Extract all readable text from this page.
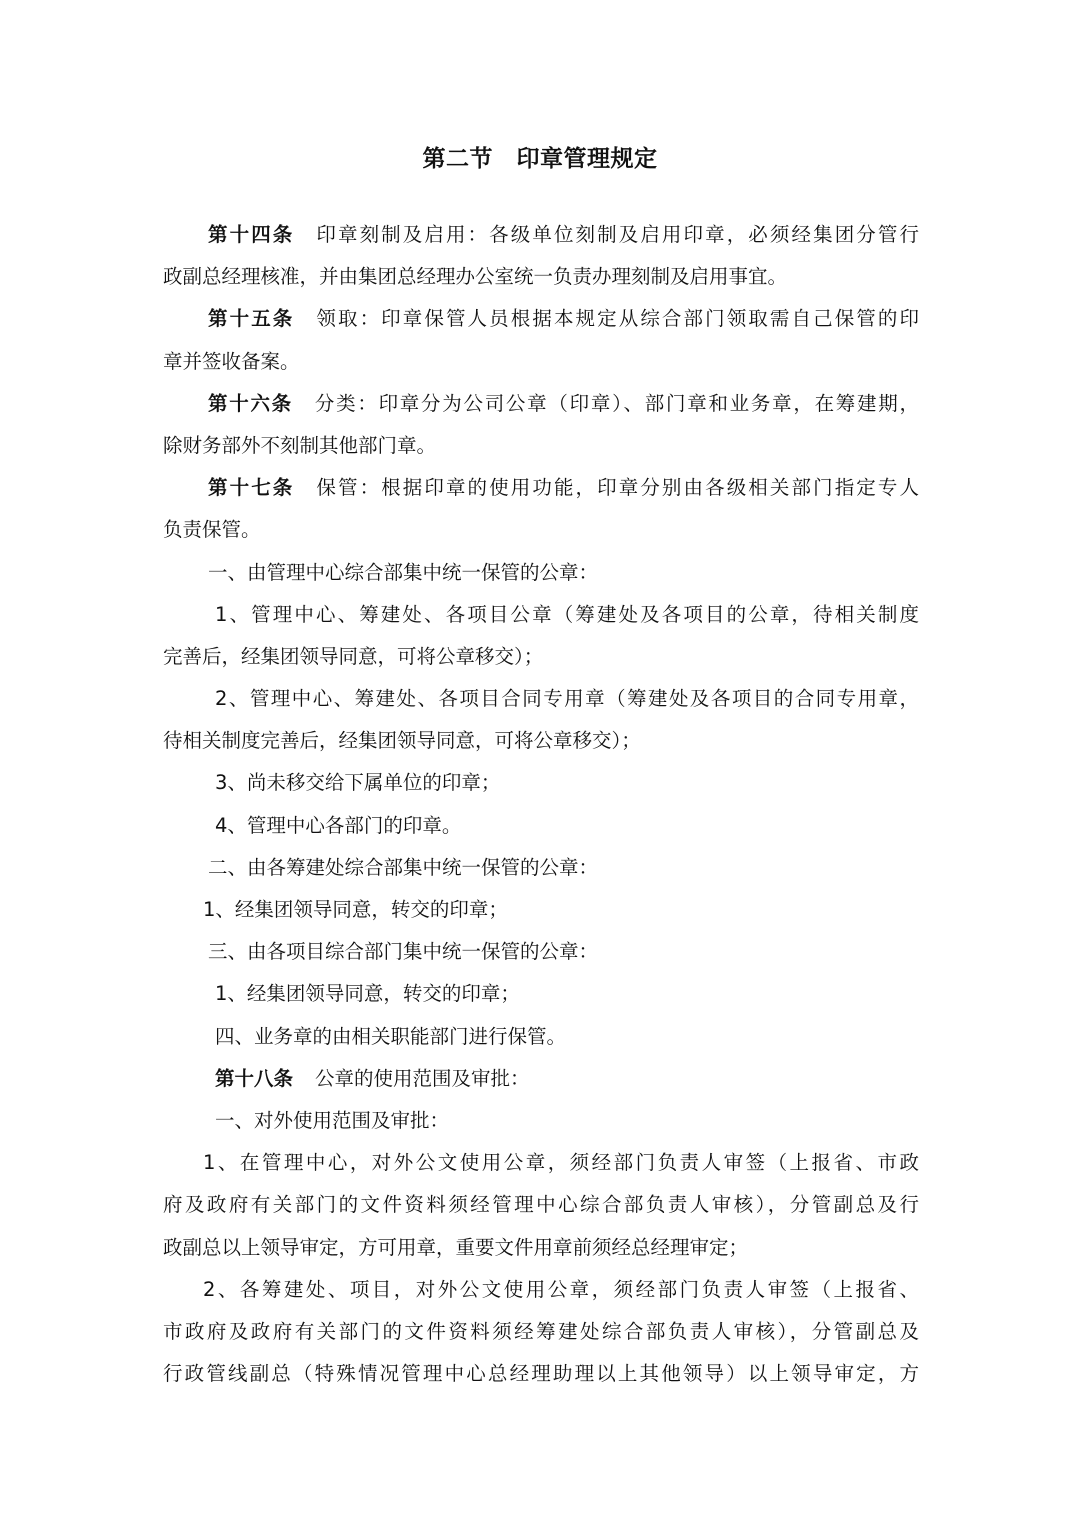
第二节　印章管理规定
第十四条 印章刻制及启用：各级单位刻制及启用印章，必须经集团分管行
政副总经理核准，并由集团总经理办公室统一负责办理刻制及启用事宜。
第十五条 领取：印章保管人员根据本规定从综合部门领取需自己保管的印
章并签收备案。
第十六条 分类：印章分为公司公章（印章）、部门章和业务章，在筹建期，
除财务部外不刻制其他部门章。
第十七条 保管：根据印章的使用功能，印章分别由各级相关部门指定专人
负责保管。
一、由管理中心综合部集中统一保管的公章：
1、管理中心、筹建处、各项目公章（筹建处及各项目的公章，待相关制度
完善后，经集团领导同意，可将公章移交）；
2、管理中心、筹建处、各项目合同专用章（筹建处及各项目的合同专用章，
待相关制度完善后，经集团领导同意，可将公章移交）；
3、尚未移交给下属单位的印章；
4、管理中心各部门的印章。
二、由各筹建处综合部集中统一保管的公章：
1、经集团领导同意，转交的印章；
三、由各项目综合部门集中统一保管的公章：
1、经集团领导同意，转交的印章；
四、业务章的由相关职能部门进行保管。
第十八条 公章的使用范围及审批：
一、对外使用范围及审批：
1、在管理中心，对外公文使用公章，须经部门负责人审签（上报省、市政
府及政府有关部门的文件资料须经管理中心综合部负责人审核），分管副总及行
政副总以上领导审定，方可用章，重要文件用章前须经总经理审定；
2、各筹建处、项目，对外公文使用公章，须经部门负责人审签（上报省、
市政府及政府有关部门的文件资料须经筹建处综合部负责人审核），分管副总及
行政管线副总（特殊情况管理中心总经理助理以上其他领导）以上领导审定，方
